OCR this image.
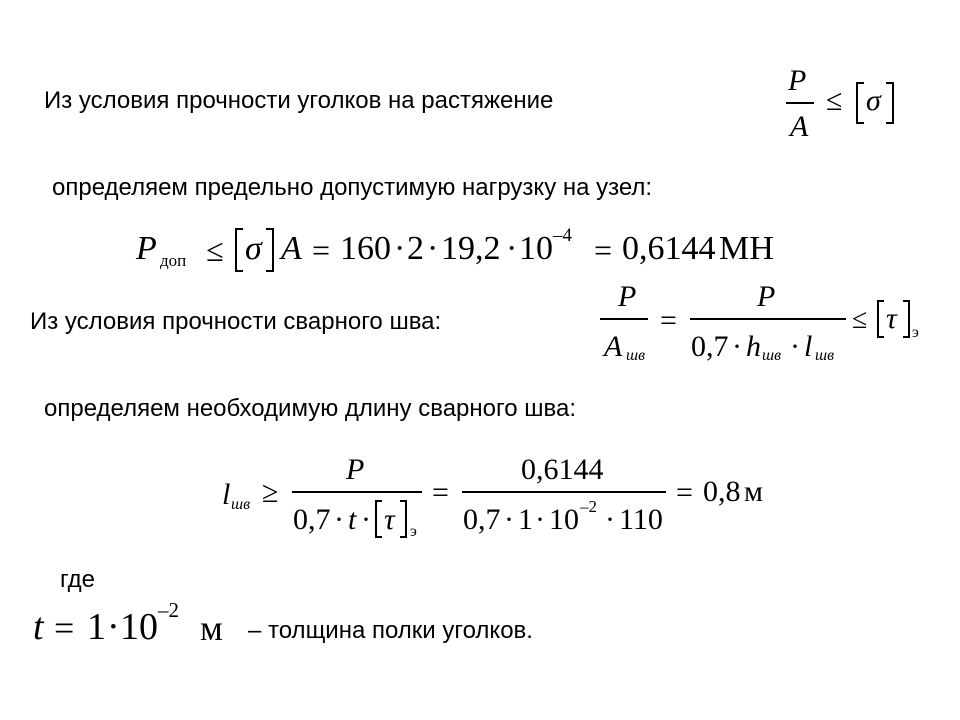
Из условия прочности уголков на растяжение
определяем предельно допустимую нагрузку на узел:
Из условия прочности сварного шва:
определяем необходимую длину сварного шва:
где
– толщина полки уголков.
P
A
≤ σ
P доп ≤ σ A = 160 · 2 · 19,2 · 10 –4 = 0,6144 МН
P
A шв
=
P
0,7 · h шв · l шв
≤ τ э
l шв ≥
P
0,7 · t · τ э
=
0,6144
0,7 · 1 · 10 –2 · 110
= 0,8 м
t = 1 · 10 –2 м
